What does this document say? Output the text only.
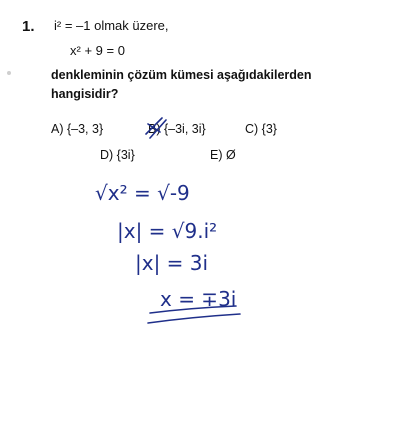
1. i² = –1 olmak üzere,
x² + 9 = 0
denkleminin çözüm kümesi aşağıdakilerden hangisidir?
A) {–3, 3}	B) {–3i, 3i}	C) {3}
D) {3i}	E) Ø
√x² = √-9
|x| = √9.i²
|x| = 3i
x = ∓3i
